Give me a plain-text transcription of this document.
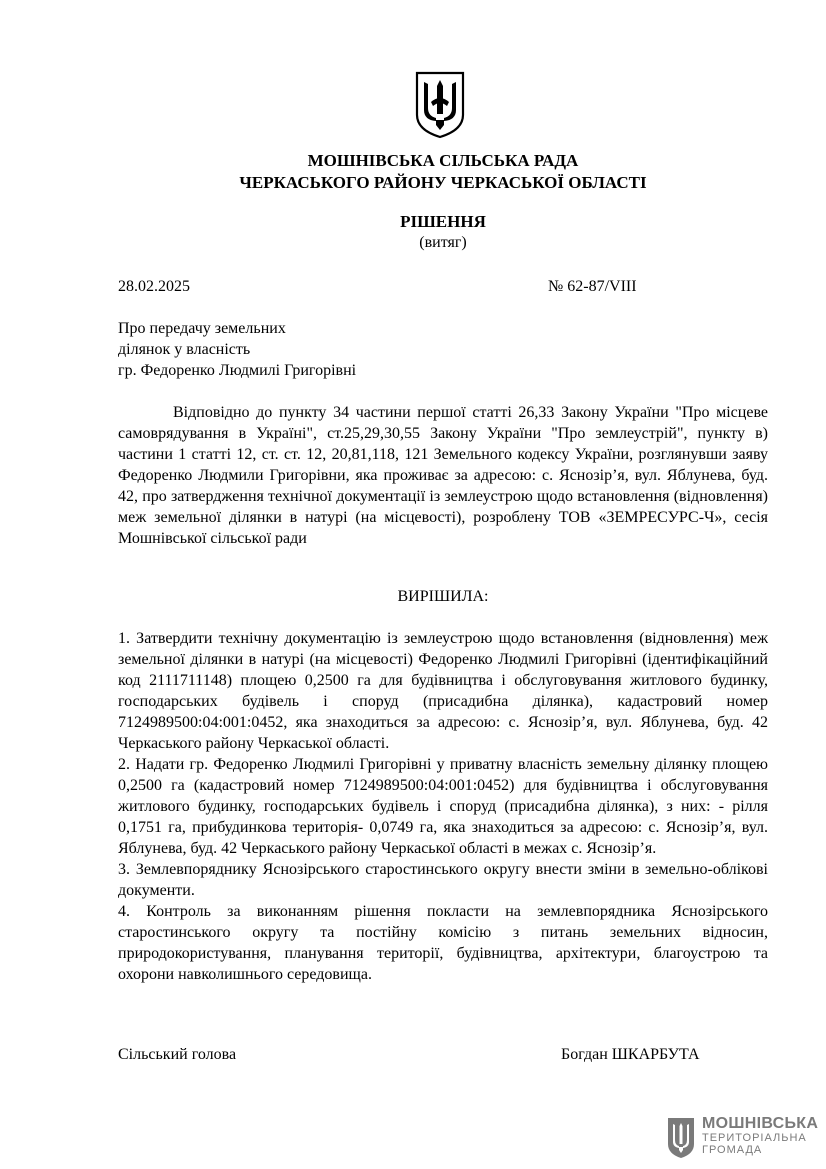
МОШНІВСЬКА СІЛЬСЬКА РАДА
ЧЕРКАСЬКОГО РАЙОНУ ЧЕРКАСЬКОЇ ОБЛАСТІ
РІШЕННЯ
(витяг)
28.02.2025	№ 62-87/VIII
Про передачу земельних
ділянок у власність
гр. Федоренко Людмилі Григорівні
Відповідно до пункту 34 частини першої статті 26,33 Закону України "Про місцеве самоврядування в Україні", ст.25,29,30,55 Закону України "Про землеустрій", пункту в) частини 1 статті 12, ст. ст. 12, 20,81,118, 121 Земельного кодексу України, розглянувши заяву Федоренко Людмили Григорівни, яка проживає за адресою: с. Яснозір’я, вул. Яблунева, буд. 42, про затвердження технічної документації із землеустрою щодо встановлення (відновлення) меж земельної ділянки в натурі (на місцевості), розроблену ТОВ «ЗЕМРЕСУРС-Ч», сесія Мошнівської сільської ради
ВИРІШИЛА:

1. Затвердити технічну документацію із землеустрою щодо встановлення (відновлення) меж земельної ділянки в натурі (на місцевості) Федоренко Людмилі Григорівні (ідентифікаційний код 2111711148) площею 0,2500 га для будівництва і обслуговування житлового будинку, господарських будівель і споруд (присадибна ділянка), кадастровий номер 7124989500:04:001:0452, яка знаходиться за адресою: с. Яснозір’я, вул. Яблунева, буд. 42 Черкаського району Черкаської області.

2. Надати гр. Федоренко Людмилі Григорівні у приватну власність земельну ділянку площею 0,2500 га (кадастровий номер 7124989500:04:001:0452) для будівництва і обслуговування житлового будинку, господарських будівель і споруд (присадибна ділянка), з них: - рілля 0,1751 га, прибудинкова територія- 0,0749 га, яка знаходиться за адресою: с. Яснозір’я, вул. Яблунева, буд. 42 Черкаського району Черкаської області в межах с. Яснозір’я.

3. Землевпорядникy Яснозірського старостинського округу внести зміни в земельно-облікові документи.

4. Контроль за виконанням рішення покласти на землевпорядника Яснозірського старостинського округу та постійну комісію з питань земельних відносин, природокористування, планування території, будівництва, архітектури, благоустрою та охорони навколишнього середовища.

Сільський голова	Богдан ШКАРБУТА
МОШНІВСЬКА
ТЕРИТОРІАЛЬНА
ГРОМАДА
